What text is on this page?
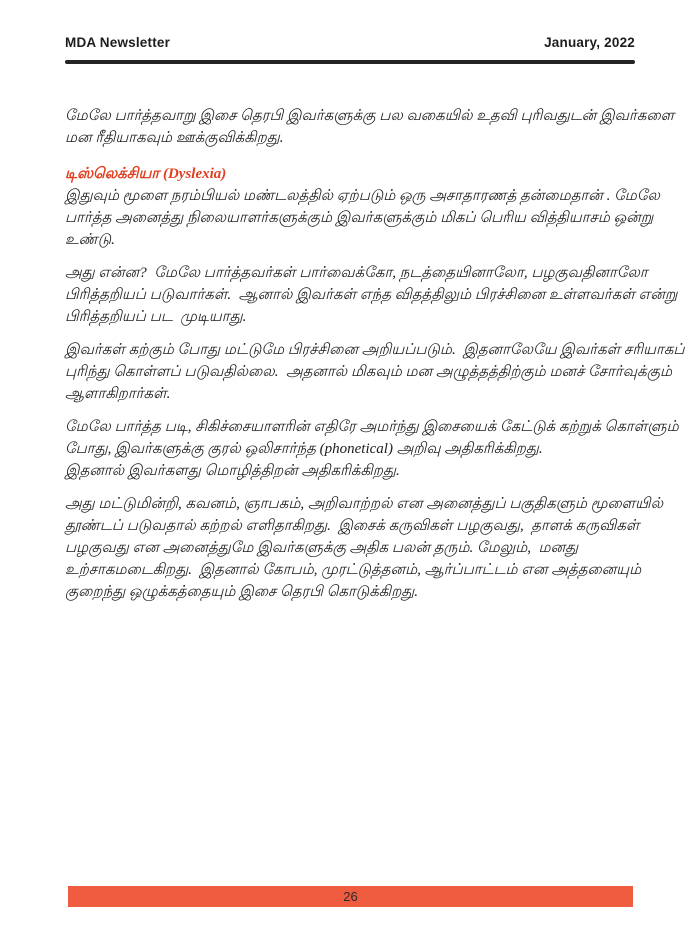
MDA Newsletter	January, 2022

மேலே பார்த்தவாறு இசை தெரபி இவர்களுக்கு பல வகையில் உதவி புரிவதுடன் இவர்களை
மன ரீதியாகவும் ஊக்குவிக்கிறது.

டிஸ்லெக்சியா (Dyslexia)

இதுவும் மூளை நரம்பியல் மண்டலத்தில் ஏற்படும் ஒரு அசாதாரணத் தன்மைதான் . மேலே
பார்த்த அனைத்து நிலையாளர்களுக்கும் இவர்களுக்கும் மிகப் பெரிய வித்தியாசம் ஒன்று
உண்டு.

அது என்ன?  மேலே பார்த்தவர்கள் பார்வைக்கோ, நடத்தையினாலோ, பழகுவதினாலோ
பிரித்தறியப் படுவார்கள்.  ஆனால் இவர்கள் எந்த விதத்திலும் பிரச்சினை உள்ளவர்கள் என்று
பிரித்தறியப் பட  முடியாது.

இவர்கள் கற்கும் போது மட்டுமே பிரச்சினை அறியப்படும்.  இதனாலேயே இவர்கள் சரியாகப்
புரிந்து கொள்ளப் படுவதில்லை.  அதனால் மிகவும் மன அழுத்தத்திற்கும் மனச் சோர்வுக்கும்
ஆளாகிறார்கள்.

மேலே பார்த்த படி, சிகிச்சையாளரின் எதிரே அமர்ந்து இசையைக் கேட்டுக் கற்றுக் கொள்ளும்
போது, இவர்களுக்கு குரல் ஒலிசார்ந்த (phonetical) அறிவு அதிகரிக்கிறது.
இதனால் இவர்களது மொழித்திறன் அதிகரிக்கிறது.

அது மட்டுமின்றி, கவனம், ஞாபகம், அறிவாற்றல் என அனைத்துப் பகுதிகளும் மூளையில்
தூண்டப் படுவதால் கற்றல் எளிதாகிறது.  இசைக் கருவிகள் பழகுவது,  தாளக் கருவிகள்
பழகுவது என அனைத்துமே இவர்களுக்கு அதிக பலன் தரும். மேலும்,  மனது
உற்சாகமடைகிறது.  இதனால் கோபம், முரட்டுத்தனம், ஆர்ப்பாட்டம் என அத்தனையும்
குறைந்து ஒழுக்கத்தையும் இசை தெரபி கொடுக்கிறது.

26
